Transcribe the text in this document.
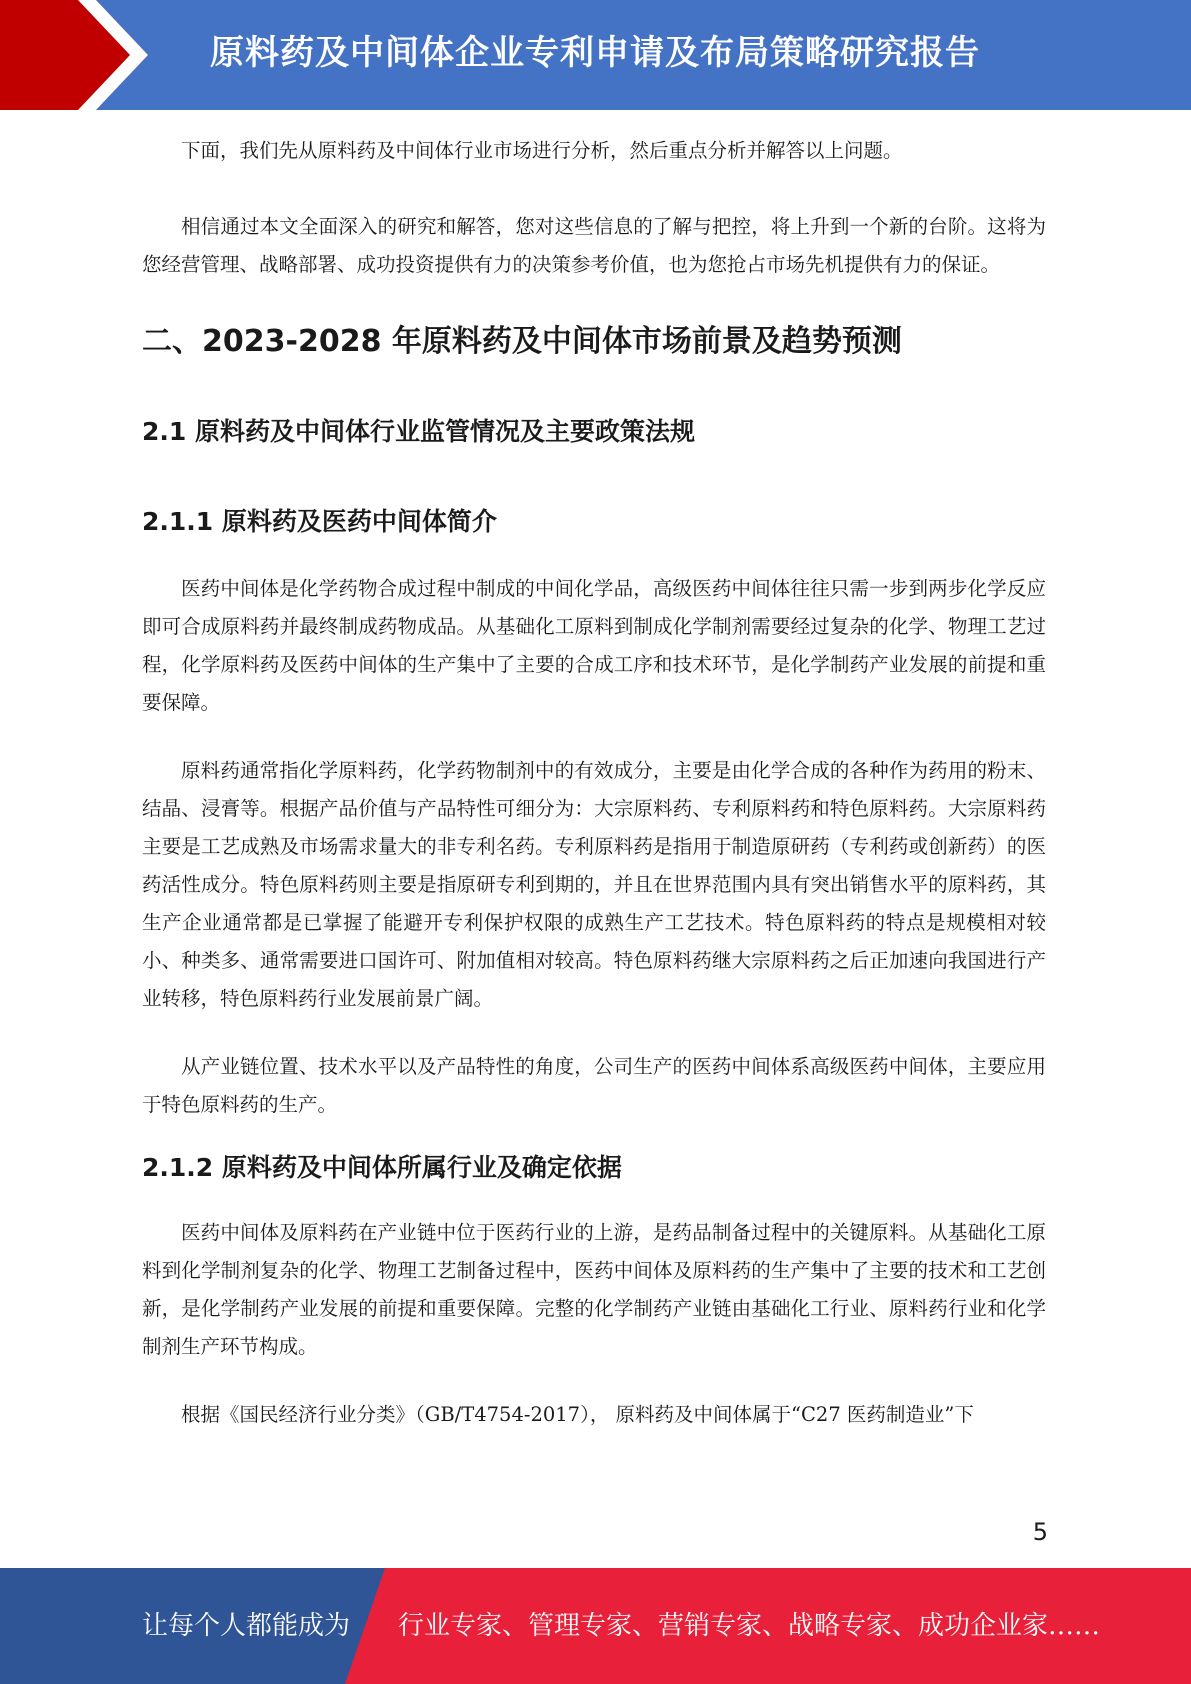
原料药及中间体企业专利申请及布局策略研究报告

下面，我们先从原料药及中间体行业市场进行分析，然后重点分析并解答以上问题。

相信通过本文全面深入的研究和解答，您对这些信息的了解与把控，将上升到一个新的台阶。这将为您经营管理、战略部署、成功投资提供有力的决策参考价值，也为您抢占市场先机提供有力的保证。

二、2023-2028 年原料药及中间体市场前景及趋势预测
2.1 原料药及中间体行业监管情况及主要政策法规
2.1.1 原料药及医药中间体简介

医药中间体是化学药物合成过程中制成的中间化学品，高级医药中间体往往只需一步到两步化学反应即可合成原料药并最终制成药物成品。从基础化工原料到制成化学制剂需要经过复杂的化学、物理工艺过程，化学原料药及医药中间体的生产集中了主要的合成工序和技术环节，是化学制药产业发展的前提和重要保障。

原料药通常指化学原料药，化学药物制剂中的有效成分，主要是由化学合成的各种作为药用的粉末、结晶、浸膏等。根据产品价值与产品特性可细分为：大宗原料药、专利原料药和特色原料药。大宗原料药主要是工艺成熟及市场需求量大的非专利名药。专利原料药是指用于制造原研药（专利药或创新药）的医药活性成分。特色原料药则主要是指原研专利到期的，并且在世界范围内具有突出销售水平的原料药，其生产企业通常都是已掌握了能避开专利保护权限的成熟生产工艺技术。特色原料药的特点是规模相对较小、种类多、通常需要进口国许可、附加值相对较高。特色原料药继大宗原料药之后正加速向我国进行产业转移，特色原料药行业发展前景广阔。

从产业链位置、技术水平以及产品特性的角度，公司生产的医药中间体系高级医药中间体，主要应用于特色原料药的生产。

2.1.2 原料药及中间体所属行业及确定依据

医药中间体及原料药在产业链中位于医药行业的上游，是药品制备过程中的关键原料。从基础化工原料到化学制剂复杂的化学、物理工艺制备过程中，医药中间体及原料药的生产集中了主要的技术和工艺创新，是化学制药产业发展的前提和重要保障。完整的化学制药产业链由基础化工行业、原料药行业和化学制剂生产环节构成。

根据《国民经济行业分类》（GB/T4754-2017）， 原料药及中间体属于“C27 医药制造业”下

5
让每个人都能成为 行业专家、管理专家、营销专家、战略专家、成功企业家……
